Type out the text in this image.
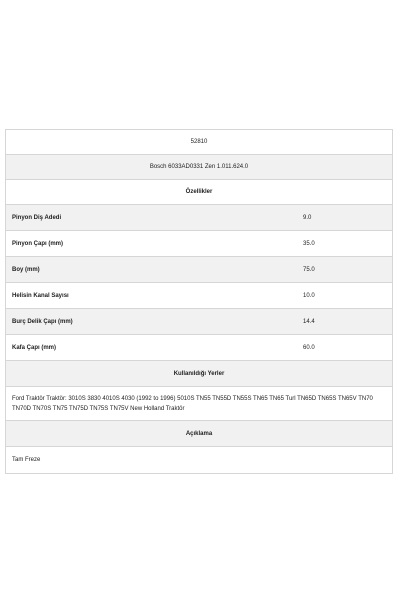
52810
Bosch 6033AD0331 Zen 1.011.624.0
Özellikler
Pinyon Diş Adedi	9.0
Pinyon Çapı (mm)	35.0
Boy (mm)	75.0
Helisin Kanal Sayısı	10.0
Burç Delik Çapı (mm)	14.4
Kafa Çapı (mm)	60.0
Kullanıldığı Yerler
Ford Traktör Traktör: 3010S 3830 4010S 4030 (1992 to 1996) 5010S TN55 TN55D TN55S TN65 TN65 Turl TN65D TN65S TN65V TN70 TN70D TN70S TN75 TN75D TN75S TN75V New Holland Traktör
Açıklama
Tam Freze
